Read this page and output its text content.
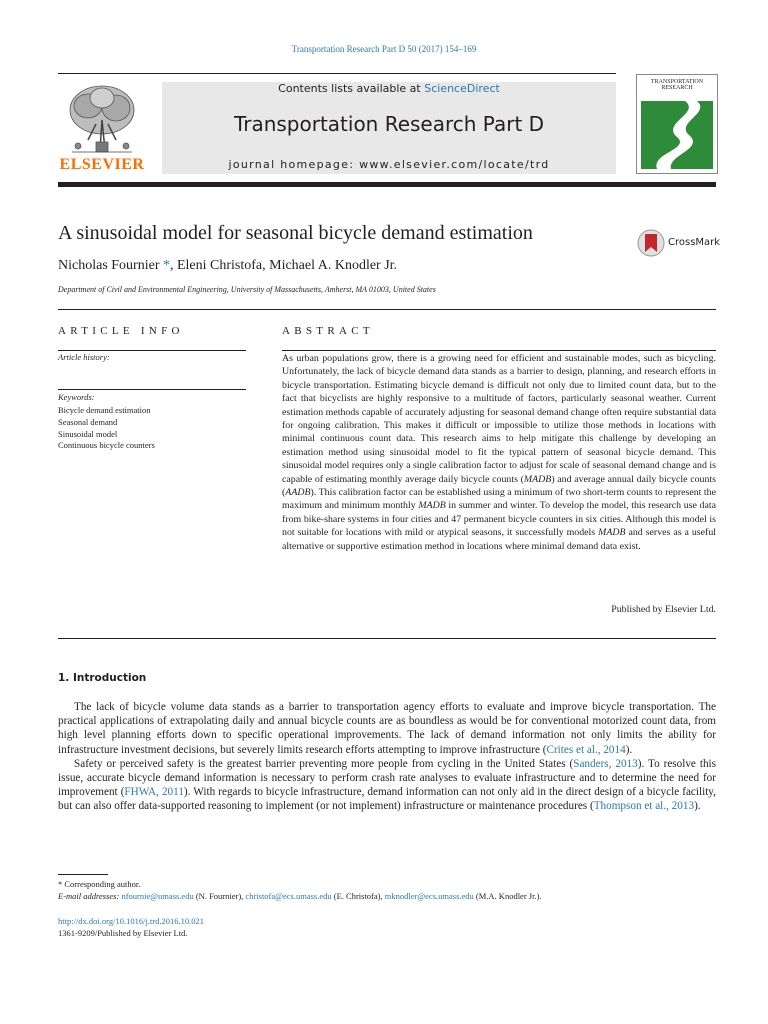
Transportation Research Part D 50 (2017) 154–169
ELSEVIER
Contents lists available at ScienceDirect
Transportation Research Part D
journal homepage: www.elsevier.com/locate/trd
TRANSPORTATION RESEARCH
A sinusoidal model for seasonal bicycle demand estimation	CrossMark
Nicholas Fournier *, Eleni Christofa, Michael A. Knodler Jr.
Department of Civil and Environmental Engineering, University of Massachusetts, Amherst, MA 01003, United States
ARTICLE INFO
Article history:
Keywords:
Bicycle demand estimation
Seasonal demand
Sinusoidal model
Continuous bicycle counters
ABSTRACT
As urban populations grow, there is a growing need for efficient and sustainable modes, such as bicycling. Unfortunately, the lack of bicycle demand data stands as a barrier to design, planning, and research efforts in bicycle transportation. Estimating bicycle demand is difficult not only due to limited count data, but to the fact that bicyclists are highly responsive to a multitude of factors, particularly seasonal weather. Current estimation methods capable of accurately adjusting for seasonal demand change often require substantial data for ongoing calibration. This makes it difficult or impossible to utilize those methods in locations with minimal continuous count data. This research aims to help mitigate this challenge by developing an estimation method using sinusoidal model to fit the typical pattern of seasonal bicycle demand. This sinusoidal model requires only a single calibration factor to adjust for scale of seasonal demand change and is capable of estimating monthly average daily bicycle counts (MADB) and average annual daily bicycle counts (AADB). This calibration factor can be established using a minimum of two short-term counts to represent the maximum and minimum monthly MADB in summer and winter. To develop the model, this research use data from bike-share systems in four cities and 47 permanent bicycle counters in six cities. Although this model is not suitable for locations with mild or atypical seasons, it successfully models MADB and serves as a useful alternative or supportive estimation method in locations where minimal demand data exist.
Published by Elsevier Ltd.
1. Introduction

The lack of bicycle volume data stands as a barrier to transportation agency efforts to evaluate and improve bicycle transportation. The practical applications of extrapolating daily and annual bicycle counts are as boundless as would be for conventional motorized count data, from high level planning efforts down to specific operational improvements. The lack of demand information not only limits the ability for infrastructure investment decisions, but severely limits research efforts attempting to improve infrastructure (Crites et al., 2014).

Safety or perceived safety is the greatest barrier preventing more people from cycling in the United States (Sanders, 2013). To resolve this issue, accurate bicycle demand information is necessary to perform crash rate analyses to evaluate infrastructure and to determine the need for improvement (FHWA, 2011). With regards to bicycle infrastructure, demand information can not only aid in the direct design of a bicycle facility, but can also offer data-supported reasoning to implement (or not implement) infrastructure or maintenance procedures (Thompson et al., 2013).

* Corresponding author.
E-mail addresses: nfournie@umass.edu (N. Fournier), christofa@ecs.umass.edu (E. Christofa), mknodler@ecs.umass.edu (M.A. Knodler Jr.).
http://dx.doi.org/10.1016/j.trd.2016.10.021
1361-9209/Published by Elsevier Ltd.
